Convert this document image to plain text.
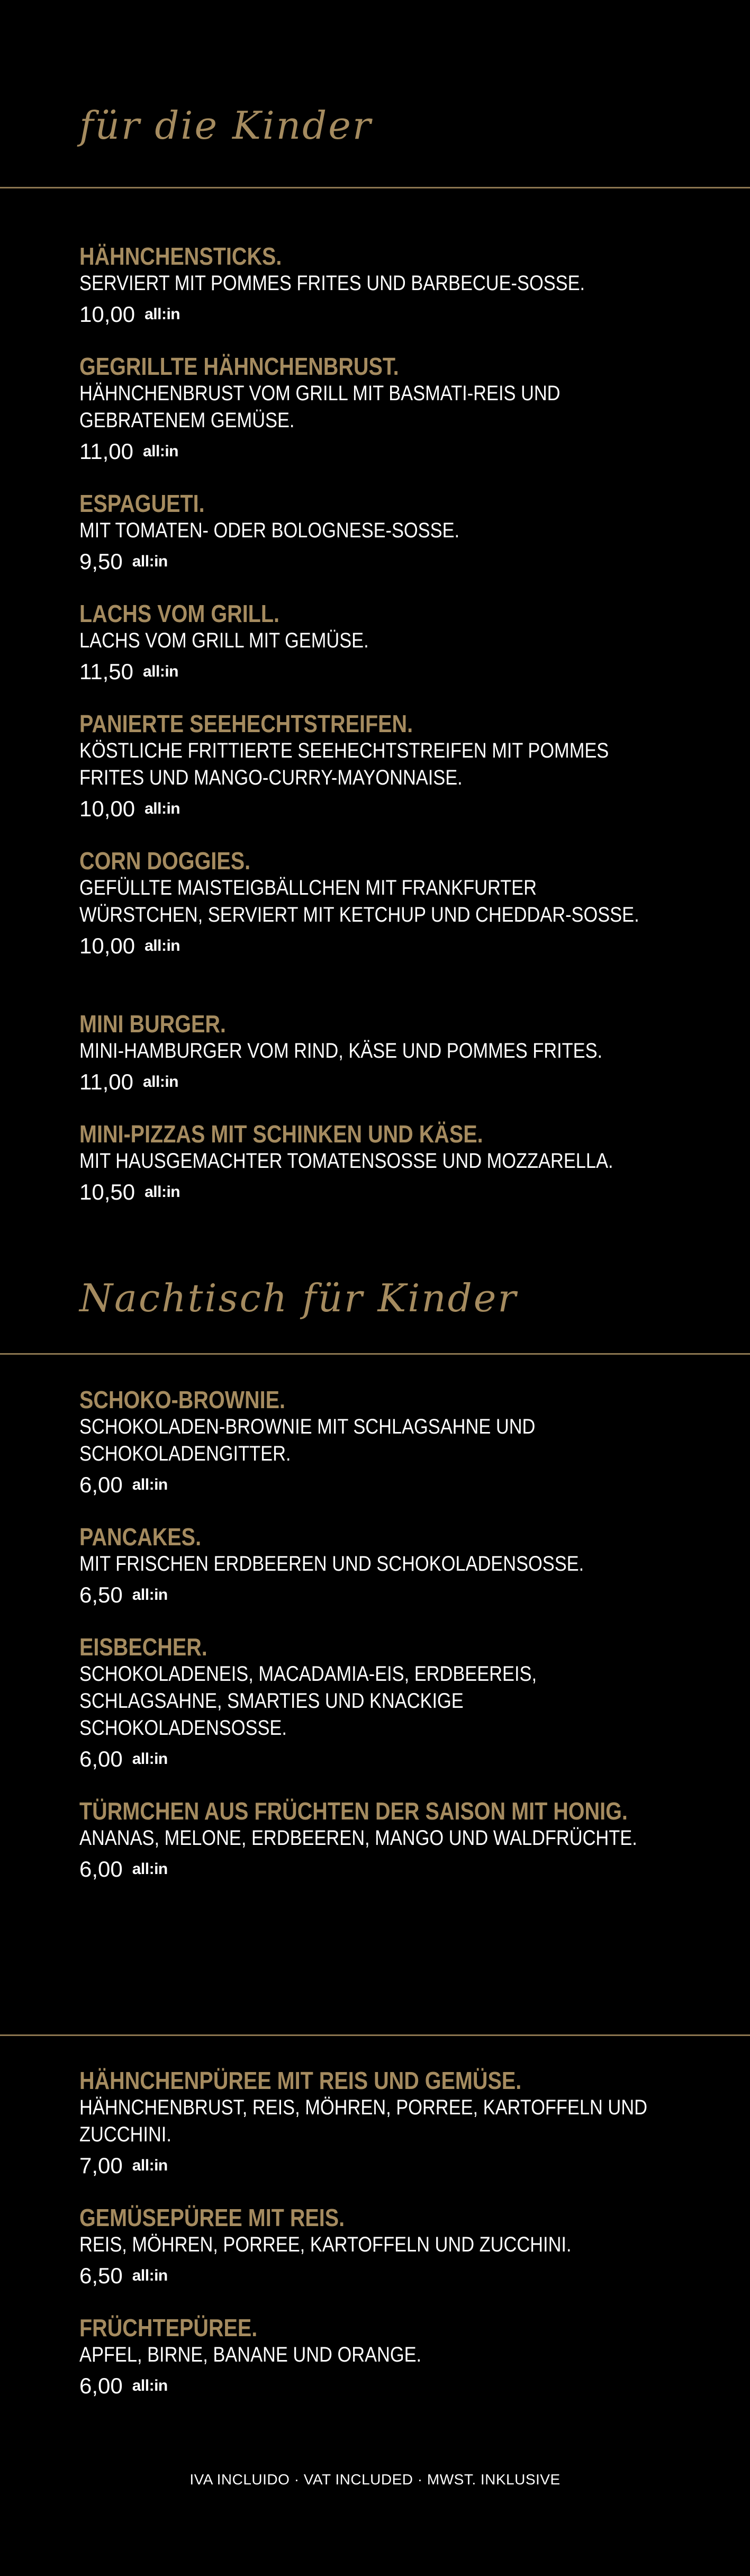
für die Kinder

HÄHNCHENSTICKS.

SERVIERT MIT POMMES FRITES UND BARBECUE-SOSSE.

10,00 all:in

GEGRILLTE HÄHNCHENBRUST.

HÄHNCHENBRUST VOM GRILL MIT BASMATI-REIS UND GEBRATENEM GEMÜSE.

11,00 all:in

ESPAGUETI.

MIT TOMATEN- ODER BOLOGNESE-SOSSE.

9,50 all:in

LACHS VOM GRILL.

LACHS VOM GRILL MIT GEMÜSE.

11,50 all:in

PANIERTE SEEHECHTSTREIFEN.

KÖSTLICHE FRITTIERTE SEEHECHTSTREIFEN MIT POMMES FRITES UND MANGO-CURRY-MAYONNAISE.

10,00 all:in

CORN DOGGIES.

GEFÜLLTE MAISTEIGBÄLLCHEN MIT FRANKFURTER WÜRSTCHEN, SERVIERT MIT KETCHUP UND CHEDDAR-SOSSE.

10,00 all:in

MINI BURGER.

MINI-HAMBURGER VOM RIND, KÄSE UND POMMES FRITES.

11,00 all:in

MINI-PIZZAS MIT SCHINKEN UND KÄSE.

MIT HAUSGEMACHTER TOMATENSOSSE UND MOZZARELLA.

10,50 all:in
Nachtisch für Kinder

SCHOKO-BROWNIE.

SCHOKOLADEN-BROWNIE MIT SCHLAGSAHNE UND SCHOKOLADENGITTER.

6,00 all:in

PANCAKES.

MIT FRISCHEN ERDBEEREN UND SCHOKOLADENSOSSE.

6,50 all:in

EISBECHER.

SCHOKOLADENEIS, MACADAMIA-EIS, ERDBEEREIS, SCHLAGSAHNE, SMARTIES UND KNACKIGE SCHOKOLADENSOSSE.

6,00 all:in

TÜRMCHEN AUS FRÜCHTEN DER SAISON MIT HONIG.

ANANAS, MELONE, ERDBEEREN, MANGO UND WALDFRÜCHTE.

6,00 all:in

HÄHNCHENPÜREE MIT REIS UND GEMÜSE.

HÄHNCHENBRUST, REIS, MÖHREN, PORREE, KARTOFFELN UND ZUCCHINI.

7,00 all:in

GEMÜSEPÜREE MIT REIS.

REIS, MÖHREN, PORREE, KARTOFFELN UND ZUCCHINI.

6,50 all:in

FRÜCHTEPÜREE.

APFEL, BIRNE, BANANE UND ORANGE.

6,00 all:in
IVA INCLUIDO · VAT INCLUDED · MWST. INKLUSIVE
